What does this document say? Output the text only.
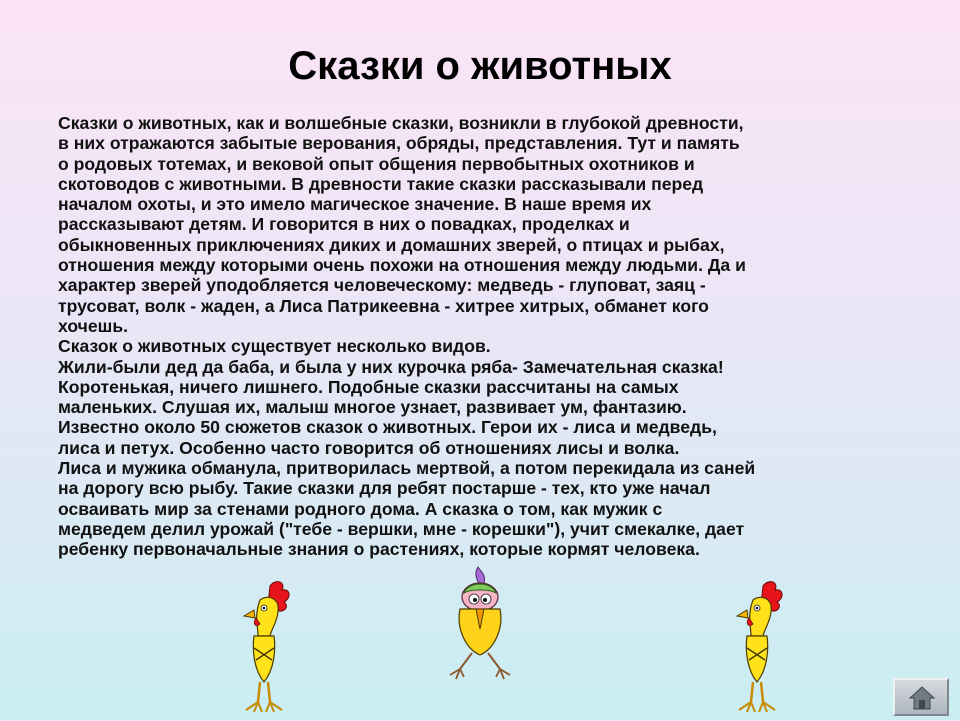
Сказки о животных
Сказки о животных, как и волшебные сказки, возникли в глубокой древности,
в них отражаются забытые верования, обряды, представления. Тут и память
о родовых тотемах, и вековой опыт общения первобытных охотников и
скотоводов с животными. В древности такие сказки рассказывали перед
началом охоты, и это имело магическое значение. В наше время их
рассказывают детям. И говорится в них о повадках, проделках и
обыкновенных приключениях диких и домашних зверей, о птицах и рыбах,
отношения между которыми очень похожи на отношения между людьми. Да и
характер зверей уподобляется человеческому: медведь - глуповат, заяц -
трусоват, волк - жаден, а Лиса Патрикеевна - хитрее хитрых, обманет кого
хочешь.
Сказок о животных существует несколько видов.
Жили-были дед да баба, и была у них курочка ряба- Замечательная сказка!
Коротенькая, ничего лишнего. Подобные сказки рассчитаны на самых
маленьких. Слушая их, малыш многое узнает, развивает ум, фантазию.
Известно около 50 сюжетов сказок о животных. Герои их - лиса и медведь,
лиса и петух. Особенно часто говорится об отношениях лисы и волка.
Лиса и мужика обманула, притворилась мертвой, а потом перекидала из саней
на дорогу всю рыбу. Такие сказки для ребят постарше - тех, кто уже начал
осваивать мир за стенами родного дома. А сказка о том, как мужик с
медведем делил урожай ("тебе - вершки, мне - корешки"), учит смекалке, дает
ребенку первоначальные знания о растениях, которые кормят человека.
